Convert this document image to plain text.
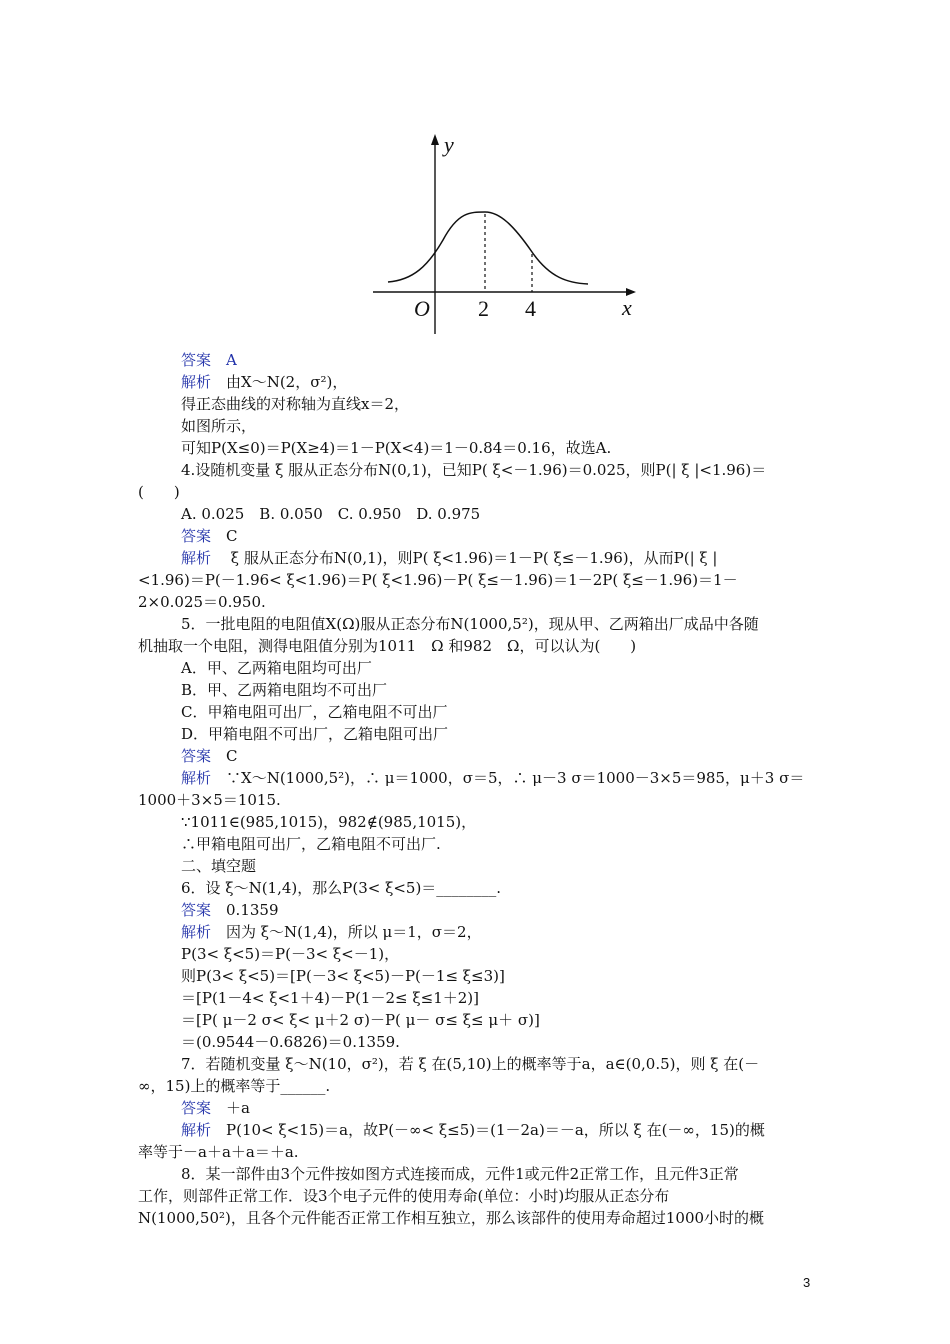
y
x
O 2 4
答案　A
解析　由X～N(2，σ²)，
得正态曲线的对称轴为直线x＝2，
如图所示，
可知P(X≤0)＝P(X≥4)＝1－P(X<4)＝1－0.84＝0.16，故选A.
4.设随机变量 ξ 服从正态分布N(0,1)，已知P( ξ<－1.96)＝0.025，则P(| ξ |<1.96)＝
(　　)
A. 0.025　B. 0.050　C. 0.950　D. 0.975
答案　C
解析　 ξ 服从正态分布N(0,1)，则P( ξ<1.96)＝1－P( ξ≤－1.96)，从而P(| ξ |
<1.96)＝P(－1.96< ξ<1.96)＝P( ξ<1.96)－P( ξ≤－1.96)＝1－2P( ξ≤－1.96)＝1－
2×0.025＝0.950.
5．一批电阻的电阻值X(Ω)服从正态分布N(1000,5²)，现从甲、乙两箱出厂成品中各随
机抽取一个电阻，测得电阻值分别为1011　Ω 和982　Ω，可以认为(　　)
A．甲、乙两箱电阻均可出厂
B．甲、乙两箱电阻均不可出厂
C．甲箱电阻可出厂，乙箱电阻不可出厂
D．甲箱电阻不可出厂，乙箱电阻可出厂
答案　C
解析　∵X～N(1000,5²)，∴ μ＝1000，σ＝5，∴ μ－3 σ＝1000－3×5＝985，μ＋3 σ＝
1000＋3×5＝1015.
∵1011∈(985,1015)，982∉(985,1015)，
∴甲箱电阻可出厂，乙箱电阻不可出厂.
二、填空题
6．设 ξ～N(1,4)，那么P(3< ξ<5)＝________.
答案　0.1359
解析　因为 ξ～N(1,4)，所以 μ＝1，σ＝2，
P(3< ξ<5)＝P(－3< ξ<－1)，
则P(3< ξ<5)＝[P(－3< ξ<5)－P(－1≤ ξ≤3)]
＝[P(1－4< ξ<1＋4)－P(1－2≤ ξ≤1＋2)]
＝[P( μ－2 σ< ξ< μ＋2 σ)－P( μ－ σ≤ ξ≤ μ＋ σ)]
＝(0.9544－0.6826)＝0.1359.
7．若随机变量 ξ～N(10，σ²)，若 ξ 在(5,10)上的概率等于a，a∈(0,0.5)，则 ξ 在(－
∞，15)上的概率等于______.
答案　＋a
解析　P(10< ξ<15)＝a，故P(－∞< ξ≤5)＝(1－2a)＝－a，所以 ξ 在(－∞，15)的概
率等于－a＋a＋a＝＋a.
8．某一部件由3个元件按如图方式连接而成，元件1或元件2正常工作，且元件3正常
工作，则部件正常工作．设3个电子元件的使用寿命(单位：小时)均服从正态分布
N(1000,50²)，且各个元件能否正常工作相互独立，那么该部件的使用寿命超过1000小时的概
3
